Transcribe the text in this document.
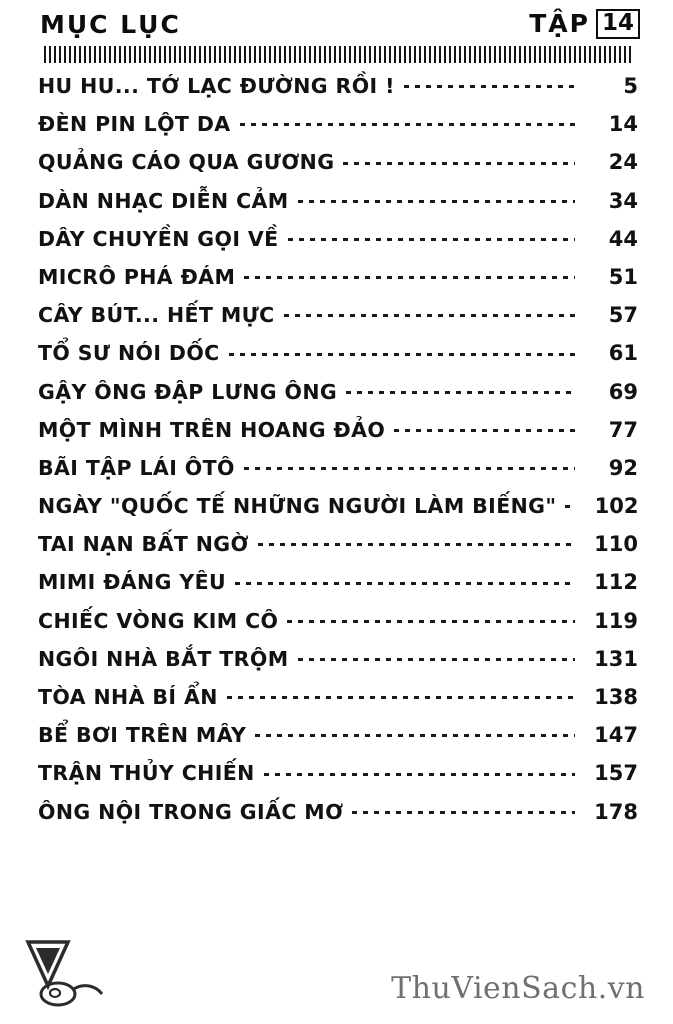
MỤC LỤC	TẬP 14
HU HU... TỚ LẠC ĐƯỜNG RỒI !	5
ĐÈN PIN LỘT DA	14
QUẢNG CÁO QUA GƯƠNG	24
DÀN NHẠC DIỄN CẢM	34
DÂY CHUYỀN GỌI VỀ	44
MICRÔ PHÁ ĐÁM	51
CÂY BÚT... HẾT MỰC	57
TỔ SƯ NÓI DỐC	61
GẬY ÔNG ĐẬP LƯNG ÔNG	69
MỘT MÌNH TRÊN HOANG ĐẢO	77
BÃI TẬP LÁI ÔTÔ	92
NGÀY "QUỐC TẾ NHỮNG NGƯỜI LÀM BIẾNG"	102
TAI NẠN BẤT NGỜ	110
MIMI ĐÁNG YÊU	112
CHIẾC VÒNG KIM CÔ	119
NGÔI NHÀ BẮT TRỘM	131
TÒA NHÀ BÍ ẨN	138
BỂ BƠI TRÊN MÂY	147
TRẬN THỦY CHIẾN	157
ÔNG NỘI TRONG GIẤC MƠ	178
ThuVienSach.vn
